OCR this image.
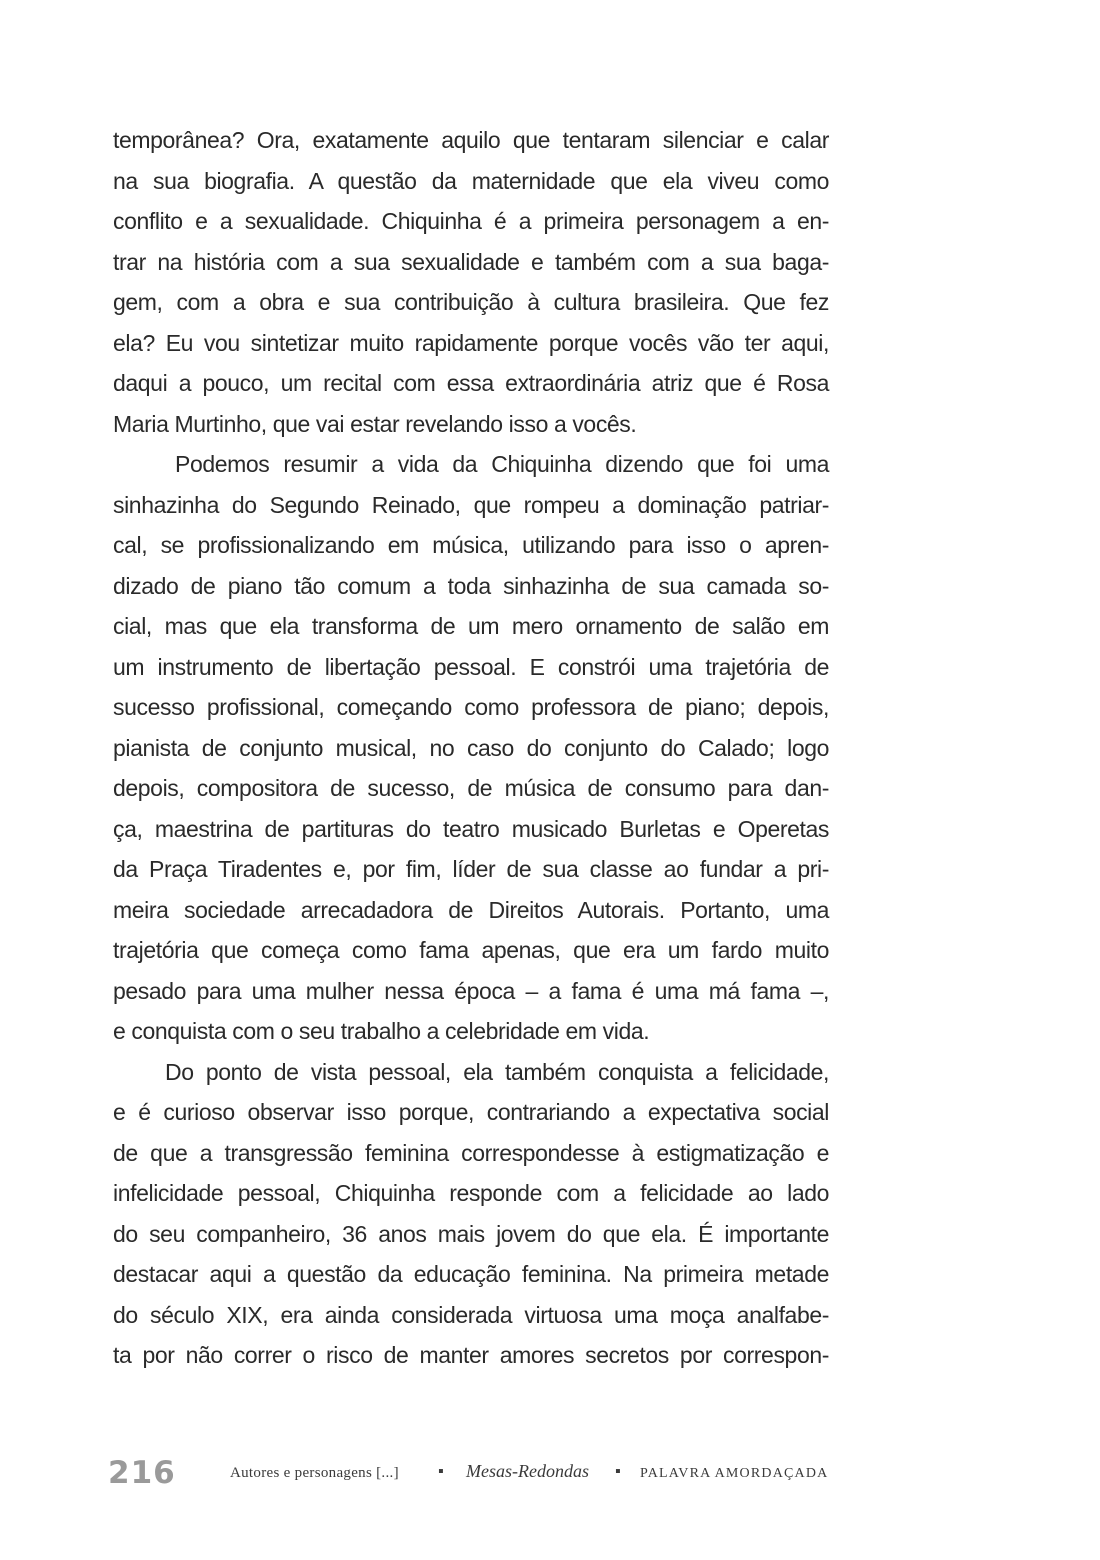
temporânea? Ora, exatamente aquilo que tentaram silenciar e calar
na sua biografia. A questão da maternidade que ela viveu como
conflito e a sexualidade. Chiquinha é a primeira personagem a en-
trar na história com a sua sexualidade e também com a sua baga-
gem, com a obra e sua contribuição à cultura brasileira. Que fez
ela? Eu vou sintetizar muito rapidamente porque vocês vão ter aqui,
daqui a pouco, um recital com essa extraordinária atriz que é Rosa
Maria Murtinho, que vai estar revelando isso a vocês.
Podemos resumir a vida da Chiquinha dizendo que foi uma
sinhazinha do Segundo Reinado, que rompeu a dominação patriar-
cal, se profissionalizando em música, utilizando para isso o apren-
dizado de piano tão comum a toda sinhazinha de sua camada so-
cial, mas que ela transforma de um mero ornamento de salão em
um instrumento de libertação pessoal. E constrói uma trajetória de
sucesso profissional, começando como professora de piano; depois,
pianista de conjunto musical, no caso do conjunto do Calado; logo
depois, compositora de sucesso, de música de consumo para dan-
ça, maestrina de partituras do teatro musicado Burletas e Operetas
da Praça Tiradentes e, por fim, líder de sua classe ao fundar a pri-
meira sociedade arrecadadora de Direitos Autorais. Portanto, uma
trajetória que começa como fama apenas, que era um fardo muito
pesado para uma mulher nessa época – a fama é uma má fama –,
e conquista com o seu trabalho a celebridade em vida.
Do ponto de vista pessoal, ela também conquista a felicidade,
e é curioso observar isso porque, contrariando a expectativa social
de que a transgressão feminina correspondesse à estigmatização e
infelicidade pessoal, Chiquinha responde com a felicidade ao lado
do seu companheiro, 36 anos mais jovem do que ela. É importante
destacar aqui a questão da educação feminina. Na primeira metade
do século XIX, era ainda considerada virtuosa uma moça analfabe-
ta por não correr o risco de manter amores secretos por correspon-
216	Autores e personagens [...] ▪ Mesas-Redondas ▪ PALAVRA AMORDAÇADA
